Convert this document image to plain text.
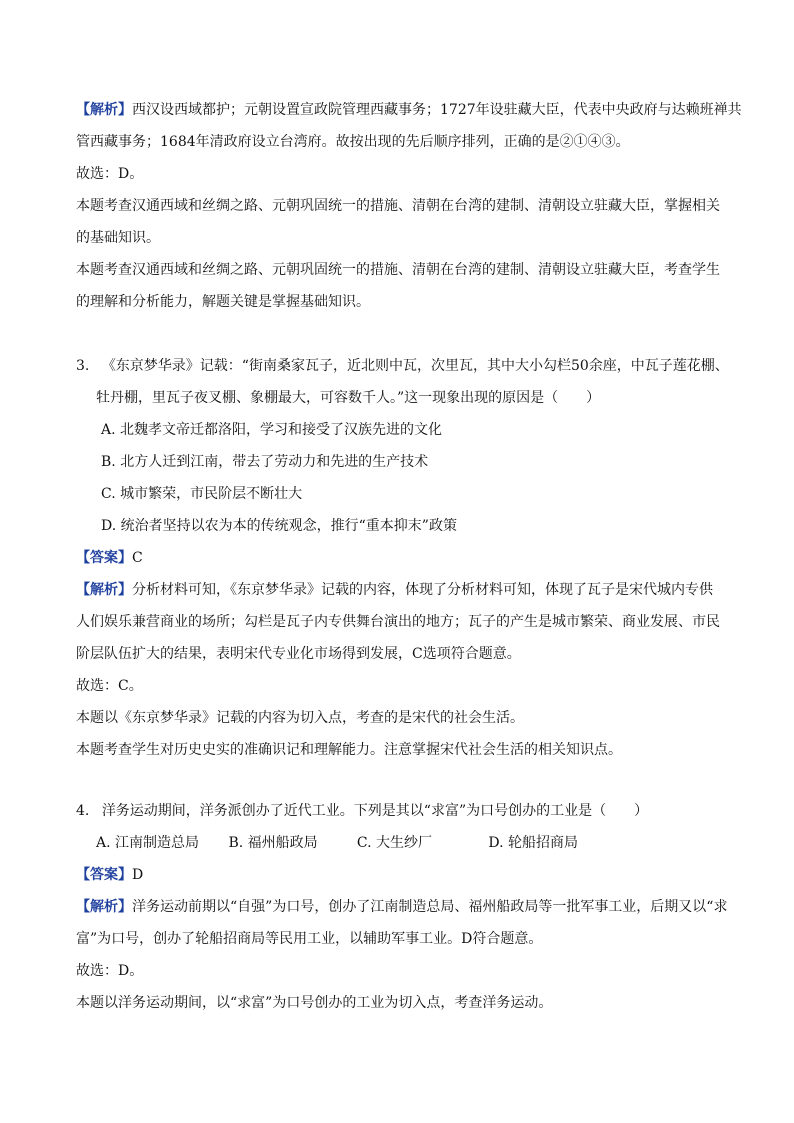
【解析】西汉设西域都护；元朝设置宣政院管理西藏事务；1727年设驻藏大臣，代表中央政府与达赖班禅共
管西藏事务；1684年清政府设立台湾府。故按出现的先后顺序排列，正确的是②①④③。
故选：D。
本题考查汉通西域和丝绸之路、元朝巩固统一的措施、清朝在台湾的建制、清朝设立驻藏大臣，掌握相关
的基础知识。
本题考查汉通西域和丝绸之路、元朝巩固统一的措施、清朝在台湾的建制、清朝设立驻藏大臣，考查学生
的理解和分析能力，解题关键是掌握基础知识。
3. 《东京梦华录》记载：“街南桑家瓦子，近北则中瓦，次里瓦，其中大小勾栏50余座，中瓦子莲花棚、
牡丹棚，里瓦子夜叉棚、象棚最大，可容数千人。”这一现象出现的原因是（　　）
A. 北魏孝文帝迁都洛阳，学习和接受了汉族先进的文化
B. 北方人迁到江南，带去了劳动力和先进的生产技术
C. 城市繁荣，市民阶层不断壮大
D. 统治者坚持以农为本的传统观念，推行“重本抑末”政策
【答案】C
【解析】分析材料可知，《东京梦华录》记载的内容，体现了分析材料可知，体现了瓦子是宋代城内专供
人们娱乐兼营商业的场所；勾栏是瓦子内专供舞台演出的地方；瓦子的产生是城市繁荣、商业发展、市民
阶层队伍扩大的结果，表明宋代专业化市场得到发展，C选项符合题意。
故选：C。
本题以《东京梦华录》记载的内容为切入点，考查的是宋代的社会生活。
本题考查学生对历史史实的准确识记和理解能力。注意掌握宋代社会生活的相关知识点。
4. 洋务运动期间，洋务派创办了近代工业。下列是其以“求富”为口号创办的工业是（　　）
A. 江南制造总局 B. 福州船政局	C. 大生纱厂	D. 轮船招商局
【答案】D
【解析】洋务运动前期以“自强”为口号，创办了江南制造总局、福州船政局等一批军事工业，后期又以“求
富”为口号，创办了轮船招商局等民用工业，以辅助军事工业。D符合题意。
故选：D。
本题以洋务运动期间，以“求富”为口号创办的工业为切入点，考查洋务运动。
